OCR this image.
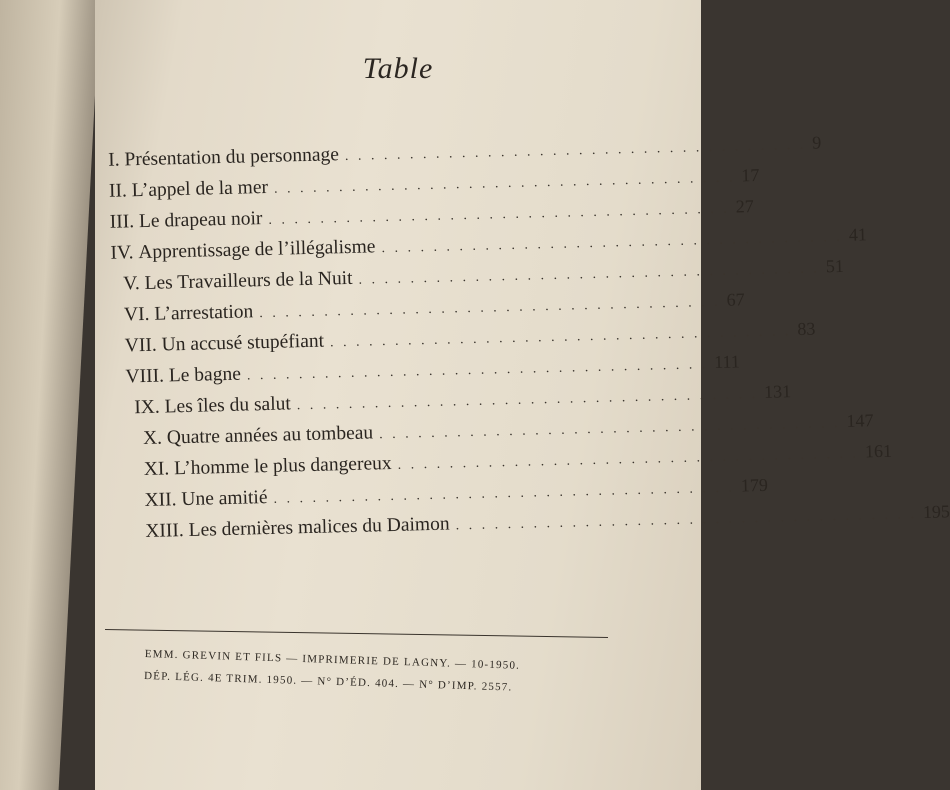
Table
I.
Présentation du personnage . . . . . . . . . . . . . . . . . . . . . . . . . . . . . . . . . . . . 9
II.
L’appel de la mer . . . . . . . . . . . . . . . . . . . . . . . . . . . . . . . . . . . . 17
III.
Le drapeau noir . . . . . . . . . . . . . . . . . . . . . . . . . . . . . . . . . . . . 27
IV.
Apprentissage de l’illégalisme . . . . . . . . . . . . . . . . . . . . . . . . . . . . . . . . . . . . 41
V.
Les Travailleurs de la Nuit . . . . . . . . . . . . . . . . . . . . . . . . . . . . . . . . . . . . 51
VI.
L’arrestation . . . . . . . . . . . . . . . . . . . . . . . . . . . . . . . . . . . . 67
VII.
Un accusé stupéfiant . . . . . . . . . . . . . . . . . . . . . . . . . . . . . . . . . . . . 83
VIII.
Le bagne . . . . . . . . . . . . . . . . . . . . . . . . . . . . . . . . . . . . 111
IX.
Les îles du salut . . . . . . . . . . . . . . . . . . . . . . . . . . . . . . . . . . . . 131
X.
Quatre années au tombeau . . . . . . . . . . . . . . . . . . . . . . . . . . . . . . . . . . . . 147
XI.
L’homme le plus dangereux . . . . . . . . . . . . . . . . . . . . . . . . . . . . . . . . . . . . 161
XII.
Une amitié . . . . . . . . . . . . . . . . . . . . . . . . . . . . . . . . . . . . 179
XIII.
Les dernières malices du Daimon . . . . . . . . . . . . . . . . . . . . . . . . . . . . . . . . . . . . 195
EMM. GREVIN ET FILS — IMPRIMERIE DE LAGNY. — 10-1950.
DÉP. LÉG. 4E TRIM. 1950. — N° D’ÉD. 404. — N° D’IMP. 2557.
